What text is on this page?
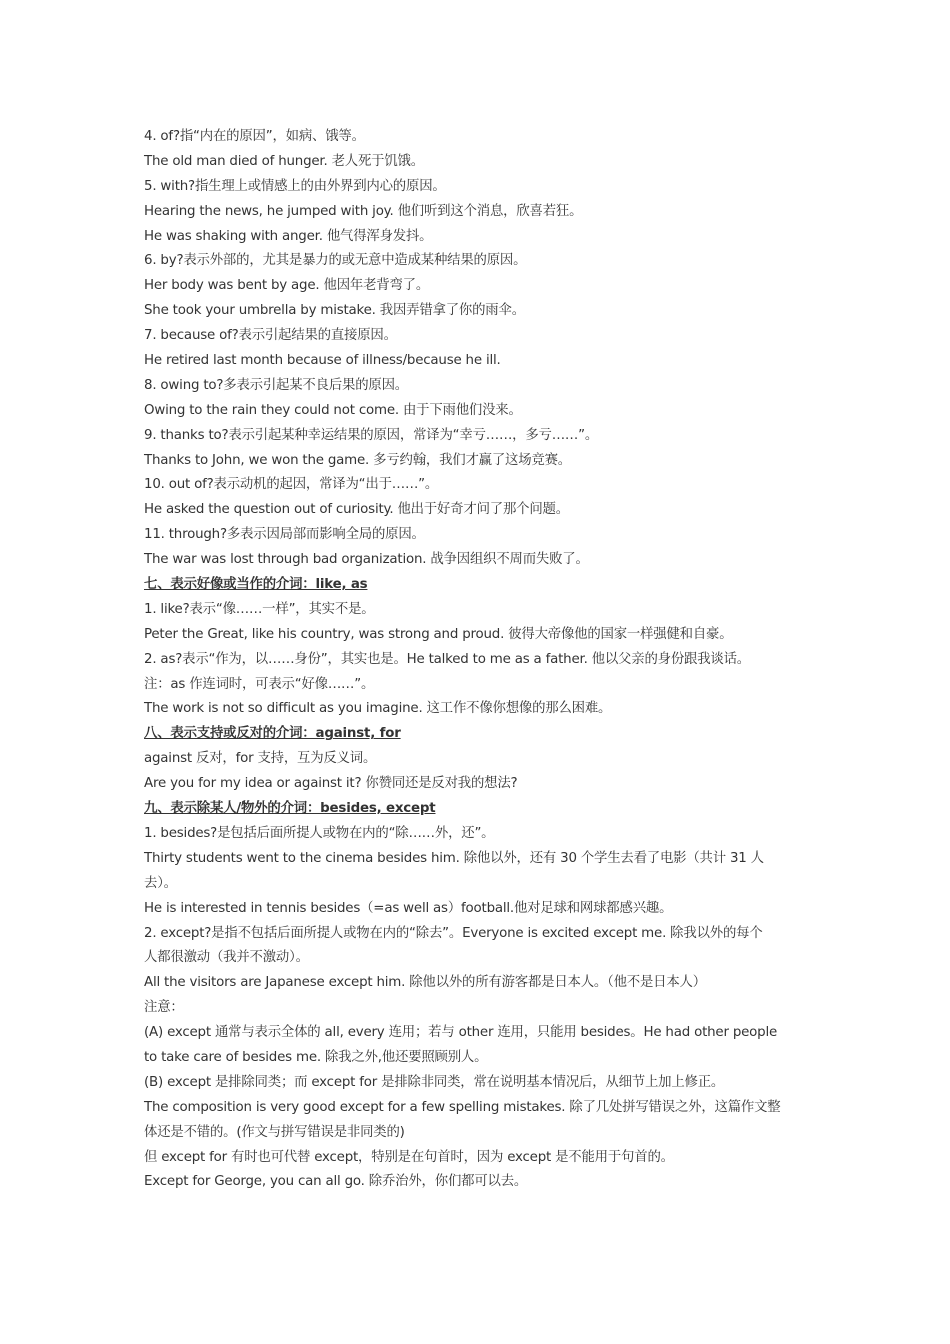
4. of?指“内在的原因”，如病、饿等。
The old man died of hunger. 老人死于饥饿。
5. with?指生理上或情感上的由外界到内心的原因。
Hearing the news, he jumped with joy. 他们听到这个消息，欣喜若狂。
He was shaking with anger. 他气得浑身发抖。
6. by?表示外部的，尤其是暴力的或无意中造成某种结果的原因。
Her body was bent by age. 他因年老背弯了。
She took your umbrella by mistake. 我因弄错拿了你的雨伞。
7. because of?表示引起结果的直接原因。
He retired last month because of illness/because he ill.
8. owing to?多表示引起某不良后果的原因。
Owing to the rain they could not come. 由于下雨他们没来。
9. thanks to?表示引起某种幸运结果的原因，常译为“幸亏……，多亏……”。
Thanks to John, we won the game. 多亏约翰，我们才赢了这场竞赛。
10. out of?表示动机的起因，常译为“出于……”。
He asked the question out of curiosity. 他出于好奇才问了那个问题。
11. through?多表示因局部而影响全局的原因。
The war was lost through bad organization. 战争因组织不周而失败了。
七、表示好像或当作的介词：like, as
1. like?表示“像……一样”，其实不是。
Peter the Great, like his country, was strong and proud. 彼得大帝像他的国家一样强健和自豪。
2. as?表示“作为，以……身份”，其实也是。He talked to me as a father. 他以父亲的身份跟我谈话。
注：as 作连词时，可表示“好像……”。
The work is not so difficult as you imagine. 这工作不像你想像的那么困难。
八、表示支持或反对的介词：against, for
against 反对，for 支持，互为反义词。
Are you for my idea or against it? 你赞同还是反对我的想法?
九、表示除某人/物外的介词：besides, except
1. besides?是包括后面所提人或物在内的“除……外，还”。
Thirty students went to the cinema besides him. 除他以外，还有 30 个学生去看了电影（共计 31 人
去）。
He is interested in tennis besides（=as well as）football.他对足球和网球都感兴趣。
2. except?是指不包括后面所提人或物在内的“除去”。Everyone is excited except me. 除我以外的每个
人都很激动（我并不激动）。
All the visitors are Japanese except him. 除他以外的所有游客都是日本人。（他不是日本人）
注意：
(A) except 通常与表示全体的 all, every 连用；若与 other 连用，只能用 besides。He had other people
to take care of besides me. 除我之外,他还要照顾别人。
(B) except 是排除同类；而 except for 是排除非同类，常在说明基本情况后，从细节上加上修正。
The composition is very good except for a few spelling mistakes. 除了几处拼写错误之外，这篇作文整
体还是不错的。(作文与拼写错误是非同类的)
但 except for 有时也可代替 except，特别是在句首时，因为 except 是不能用于句首的。
Except for George, you can all go. 除乔治外，你们都可以去。
